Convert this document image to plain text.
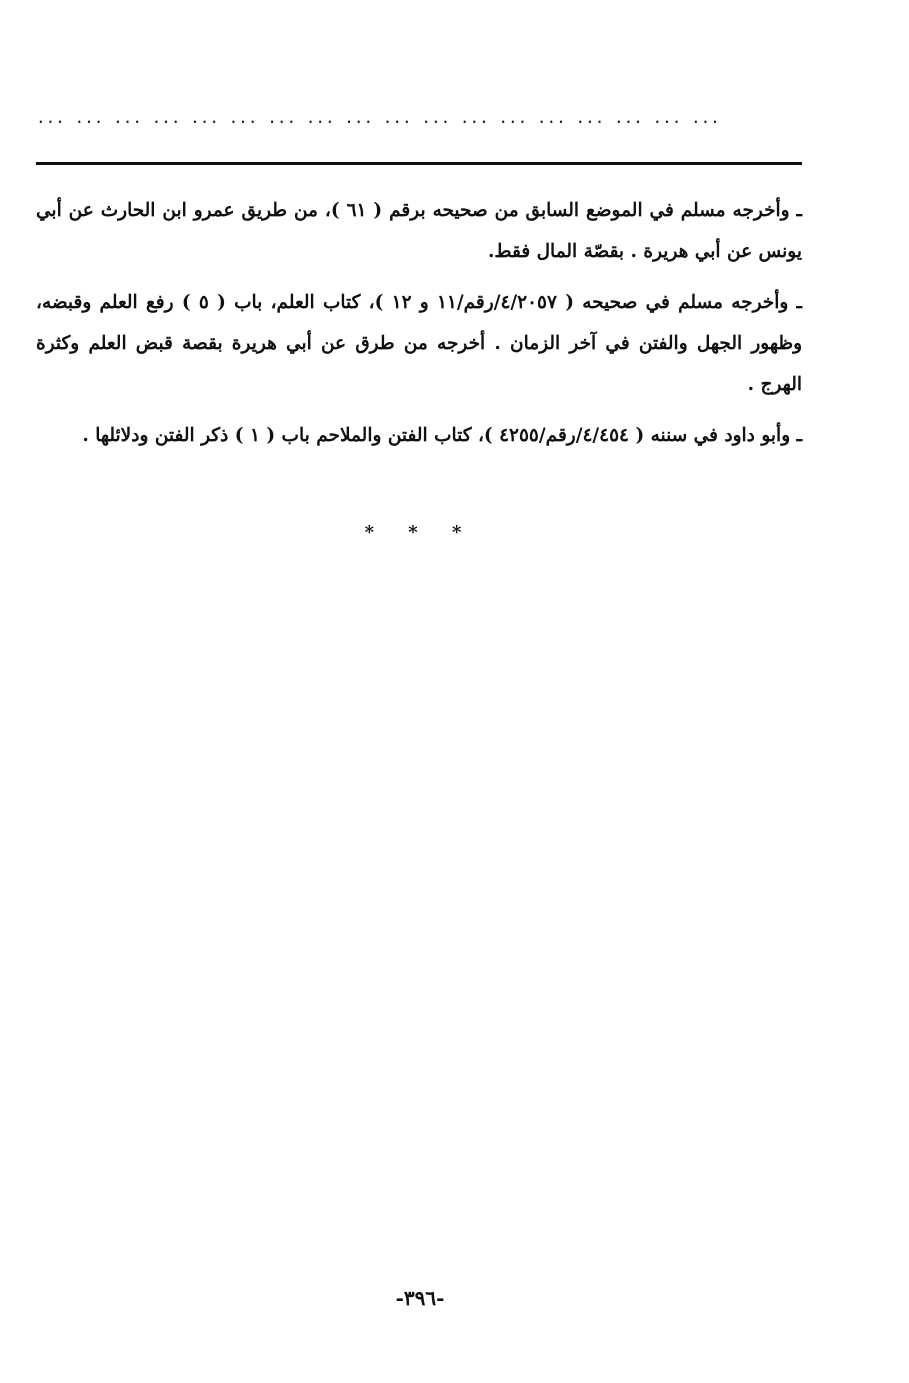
... ... ... ... ... ... ... ... ... ... ... ... ... ... ... ... ... ...

ـ وأخرجه مسلم في الموضع السابق من صحيحه برقم ( ٦١ )، من طريق عمرو ابن الحارث عن أبي يونس عن أبي هريرة . بقصّة المال فقط.

ـ وأخرجه مسلم في صحيحه ( ٤/٢٠٥٧/رقم/١١ و ١٢ )، كتاب العلم، باب ( ٥ ) رفع العلم وقبضه، وظهور الجهل والفتن في آخر الزمان . أخرجه من طرق عن أبي هريرة بقصة قبض العلم وكثرة الهرج .

ـ وأبو داود في سننه ( ٤/٤٥٤/رقم/٤٢٥٥ )، كتاب الفتن والملاحم باب ( ١ ) ذكر الفتن ودلائلها .

* * *
-٣٩٦-
